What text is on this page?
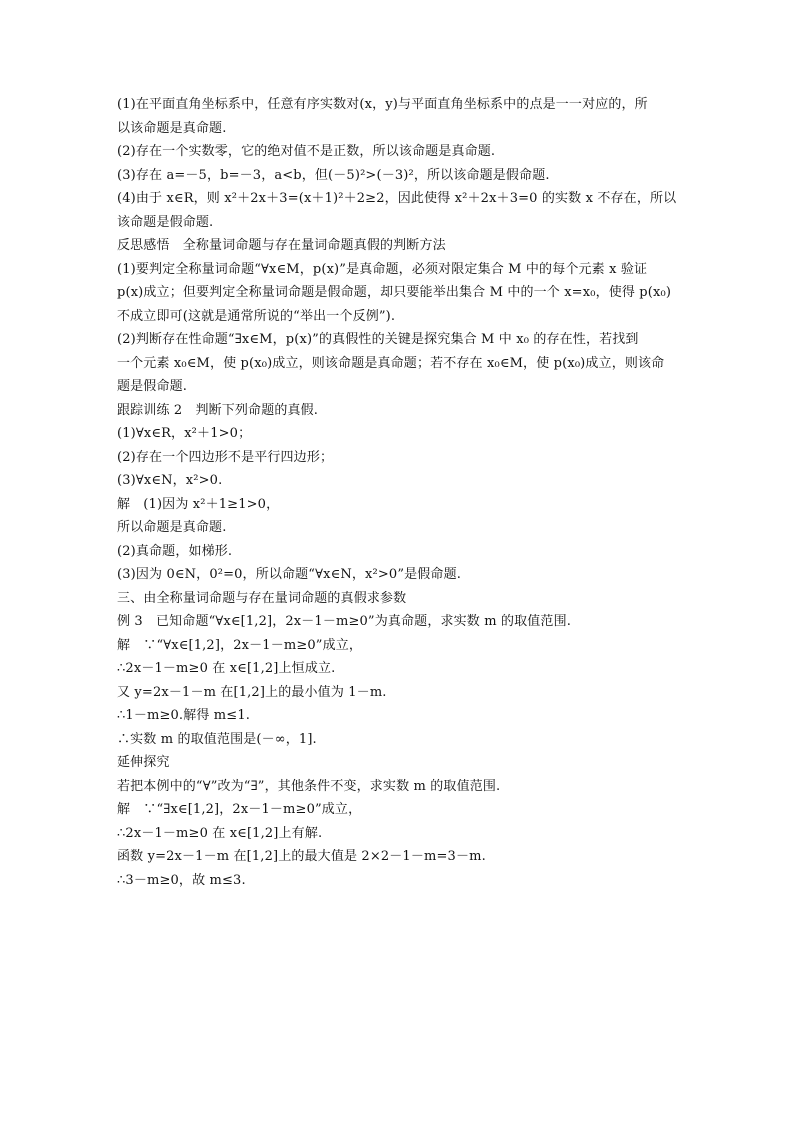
(1)在平面直角坐标系中，任意有序实数对(x，y)与平面直角坐标系中的点是一一对应的，所
以该命题是真命题.
(2)存在一个实数零，它的绝对值不是正数，所以该命题是真命题.
(3)存在 a=－5，b=－3，a<b，但(－5)²>(－3)²，所以该命题是假命题.
(4)由于 x∈R，则 x²＋2x＋3=(x＋1)²＋2≥2，因此使得 x²＋2x＋3=0 的实数 x 不存在，所以
该命题是假命题.
反思感悟　全称量词命题与存在量词命题真假的判断方法
(1)要判定全称量词命题“∀x∈M，p(x)”是真命题，必须对限定集合 M 中的每个元素 x 验证
p(x)成立；但要判定全称量词命题是假命题，却只要能举出集合 M 中的一个 x=x₀，使得 p(x₀)
不成立即可(这就是通常所说的“举出一个反例”).
(2)判断存在性命题“∃x∈M，p(x)”的真假性的关键是探究集合 M 中 x₀ 的存在性，若找到
一个元素 x₀∈M，使 p(x₀)成立，则该命题是真命题；若不存在 x₀∈M，使 p(x₀)成立，则该命
题是假命题.
跟踪训练 2　判断下列命题的真假.
(1)∀x∈R，x²＋1>0；
(2)存在一个四边形不是平行四边形；
(3)∀x∈N，x²>0.
解　(1)因为 x²＋1≥1>0，
所以命题是真命题.
(2)真命题，如梯形.
(3)因为 0∈N，0²=0，所以命题“∀x∈N，x²>0”是假命题.
三、由全称量词命题与存在量词命题的真假求参数
例 3　已知命题“∀x∈[1,2]，2x－1－m≥0”为真命题，求实数 m 的取值范围.
解　∵“∀x∈[1,2]，2x－1－m≥0”成立，
∴2x－1－m≥0 在 x∈[1,2]上恒成立.
又 y=2x－1－m 在[1,2]上的最小值为 1－m.
∴1－m≥0.解得 m≤1.
∴实数 m 的取值范围是(－∞，1].
延伸探究
若把本例中的“∀”改为“∃”，其他条件不变，求实数 m 的取值范围.
解　∵“∃x∈[1,2]，2x－1－m≥0”成立，
∴2x－1－m≥0 在 x∈[1,2]上有解.
函数 y=2x－1－m 在[1,2]上的最大值是 2×2－1－m=3－m.
∴3－m≥0，故 m≤3.
